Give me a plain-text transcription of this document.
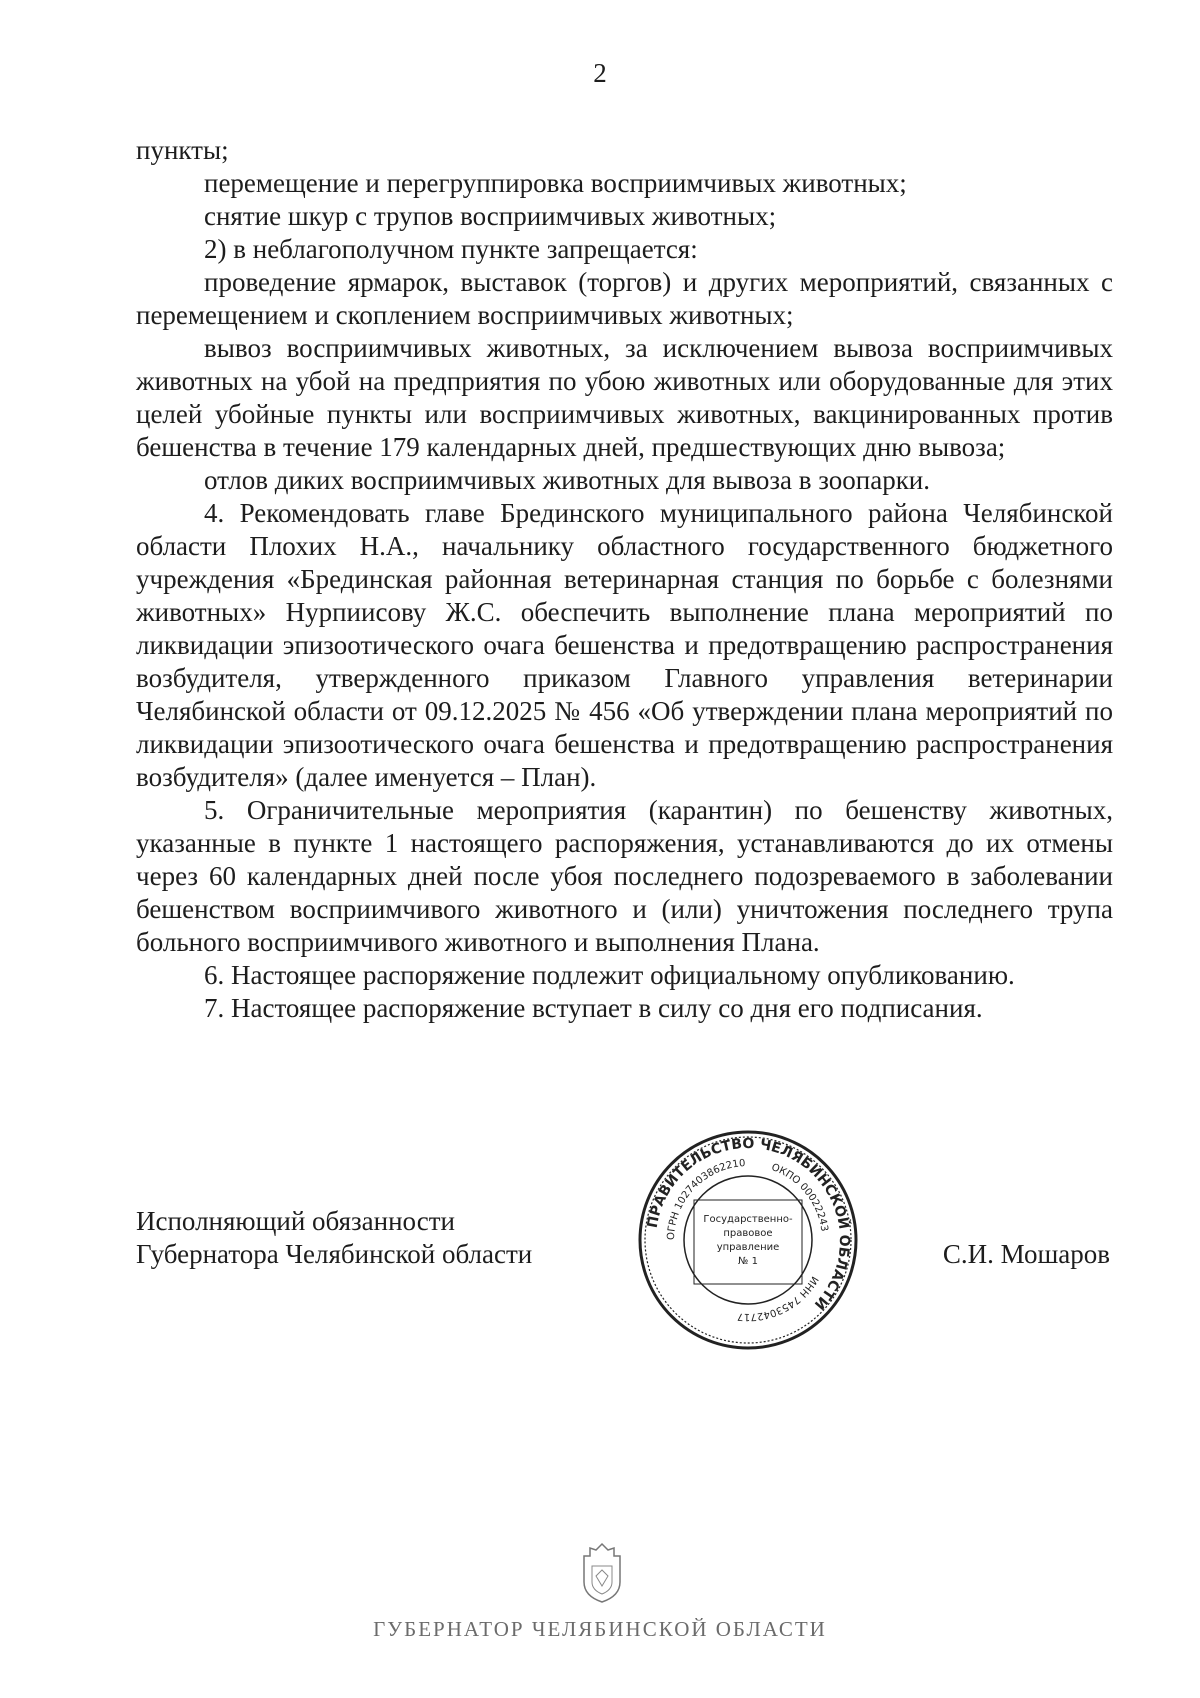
2

пункты;

перемещение и перегруппировка восприимчивых животных;

снятие шкур с трупов восприимчивых животных;

2) в неблагополучном пункте запрещается:

проведение ярмарок, выставок (торгов) и других мероприятий, связанных с перемещением и скоплением восприимчивых животных;

вывоз восприимчивых животных, за исключением вывоза восприимчивых животных на убой на предприятия по убою животных или оборудованные для этих целей убойные пункты или восприимчивых животных, вакцинированных против бешенства в течение 179 календарных дней, предшествующих дню вывоза;

отлов диких восприимчивых животных для вывоза в зоопарки.

4. Рекомендовать главе Брединского муниципального района Челябинской области Плохих Н.А., начальнику областного государственного бюджетного учреждения «Брединская районная ветеринарная станция по борьбе с болезнями животных» Нурпиисову Ж.С. обеспечить выполнение плана мероприятий по ликвидации эпизоотического очага бешенства и предотвращению распространения возбудителя, утвержденного приказом Главного управления ветеринарии Челябинской области от 09.12.2025 № 456 «Об утверждении плана мероприятий по ликвидации эпизоотического очага бешенства и предотвращению распространения возбудителя» (далее именуется – План).

5. Ограничительные мероприятия (карантин) по бешенству животных, указанные в пункте 1 настоящего распоряжения, устанавливаются до их отмены через 60 календарных дней после убоя последнего подозреваемого в заболевании бешенством восприимчивого животного и (или) уничтожения последнего трупа больного восприимчивого животного и выполнения Плана.

6. Настоящее распоряжение подлежит официальному опубликованию.

7. Настоящее распоряжение вступает в силу со дня его подписания.

Исполняющий обязанности
Губернатора Челябинской области	С.И. Мошаров
ПРАВИТЕЛЬСТВО ЧЕЛЯБИНСКОЙ ОБЛАСТИ
ОГРН 1027403862210 ОКПО 00022243
ИНН 7453042717
Государственно-
правовое
управление
№ 1
ГУБЕРНАТОР ЧЕЛЯБИНСКОЙ ОБЛАСТИ
